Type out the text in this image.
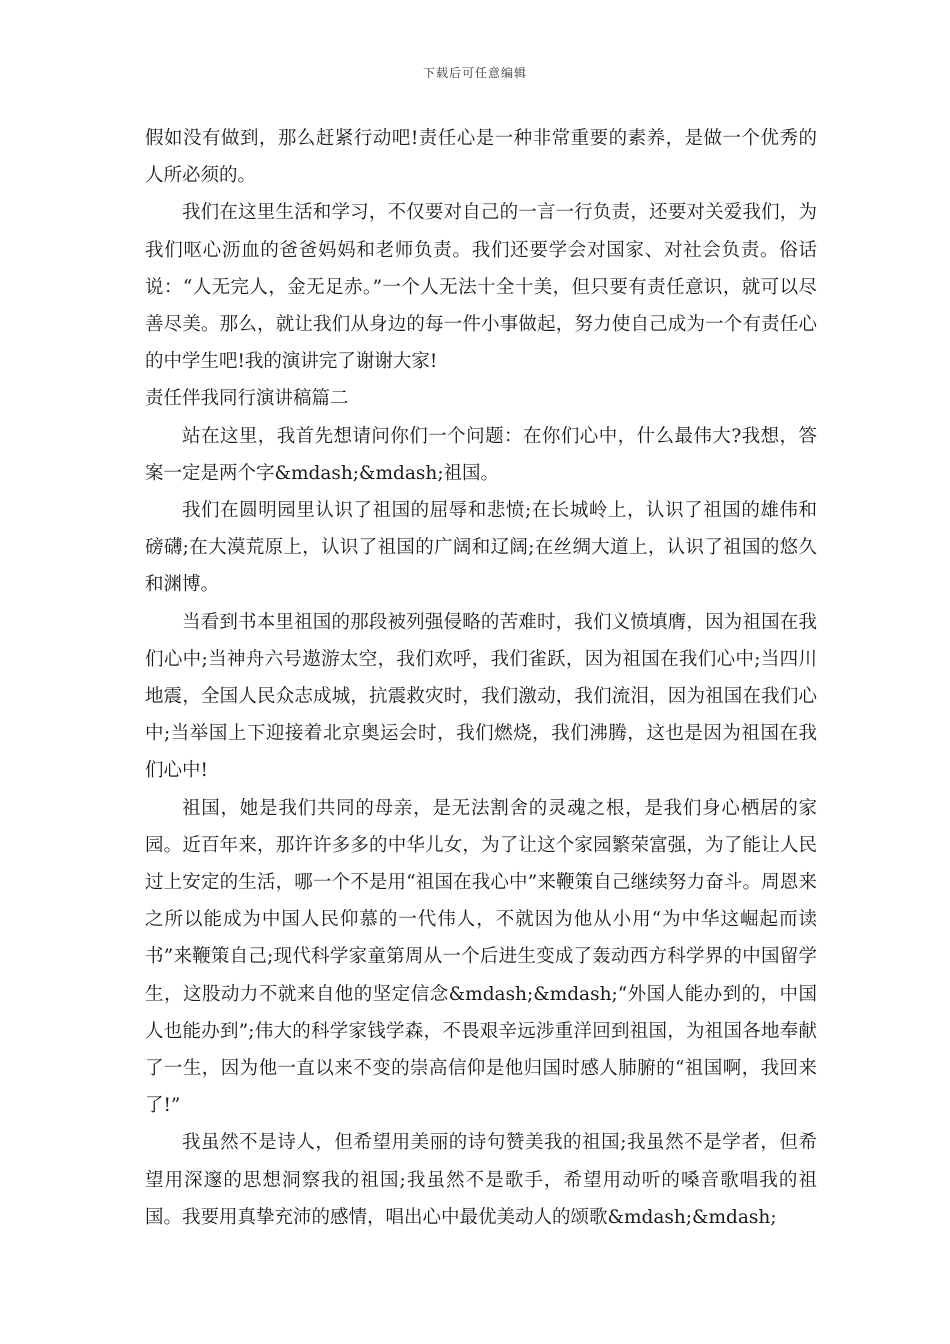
下载后可任意编辑

假如没有做到，那么赶紧行动吧!责任心是一种非常重要的素养，是做一个优秀的人所必须的。

我们在这里生活和学习，不仅要对自己的一言一行负责，还要对关爱我们，为我们呕心沥血的爸爸妈妈和老师负责。我们还要学会对国家、对社会负责。俗话说：“人无完人，金无足赤。”一个人无法十全十美，但只要有责任意识，就可以尽善尽美。那么，就让我们从身边的每一件小事做起，努力使自己成为一个有责任心的中学生吧!我的演讲完了谢谢大家!

责任伴我同行演讲稿篇二

站在这里，我首先想请问你们一个问题：在你们心中，什么最伟大?我想，答案一定是两个字&mdash;&mdash;祖国。

我们在圆明园里认识了祖国的屈辱和悲愤;在长城岭上，认识了祖国的雄伟和磅礴;在大漠荒原上，认识了祖国的广阔和辽阔;在丝绸大道上，认识了祖国的悠久和渊博。

当看到书本里祖国的那段被列强侵略的苦难时，我们义愤填膺，因为祖国在我们心中;当神舟六号遨游太空，我们欢呼，我们雀跃，因为祖国在我们心中;当四川地震，全国人民众志成城，抗震救灾时，我们激动，我们流泪，因为祖国在我们心中;当举国上下迎接着北京奥运会时，我们燃烧，我们沸腾，这也是因为祖国在我们心中!

祖国，她是我们共同的母亲，是无法割舍的灵魂之根，是我们身心栖居的家园。近百年来，那许许多多的中华儿女，为了让这个家园繁荣富强，为了能让人民过上安定的生活，哪一个不是用“祖国在我心中”来鞭策自己继续努力奋斗。周恩来之所以能成为中国人民仰慕的一代伟人，不就因为他从小用“为中华这崛起而读书”来鞭策自己;现代科学家童第周从一个后进生变成了轰动西方科学界的中国留学生，这股动力不就来自他的坚定信念&mdash;&mdash;“外国人能办到的，中国人也能办到”;伟大的科学家钱学森，不畏艰辛远涉重洋回到祖国，为祖国各地奉献了一生，因为他一直以来不变的崇高信仰是他归国时感人肺腑的“祖国啊，我回来了!”

我虽然不是诗人，但希望用美丽的诗句赞美我的祖国;我虽然不是学者，但希望用深邃的思想洞察我的祖国;我虽然不是歌手，希望用动听的嗓音歌唱我的祖国。我要用真挚充沛的感情，唱出心中最优美动人的颂歌&mdash;&mdash;
